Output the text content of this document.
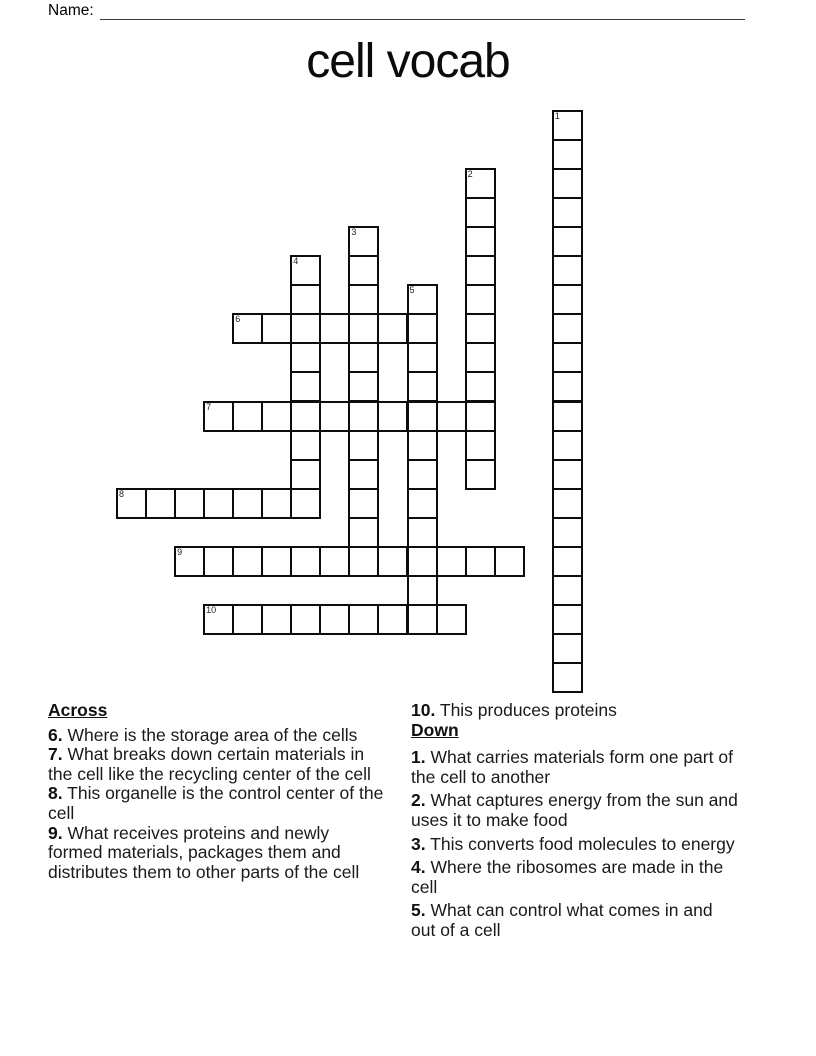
Name:
cell vocab
1
2
3
4
5
6
7
8
9
10
Across
6. Where is the storage area of the cells
7. What breaks down certain materials in the cell like the recycling center of the cell
8. This organelle is the control center of the cell
9. What receives proteins and newly formed materials, packages them and distributes them to other parts of the cell
10. This produces proteins
Down
1. What carries materials form one part of the cell to another
2. What captures energy from the sun and uses it to make food
3. This converts food molecules to energy
4. Where the ribosomes are made in the cell
5. What can control what comes in and out of a cell
